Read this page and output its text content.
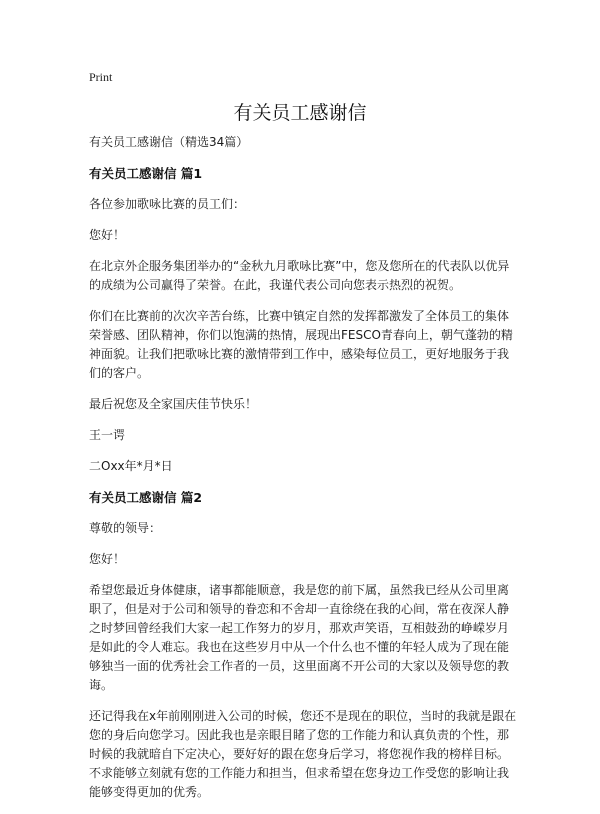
Print
有关员工感谢信

有关员工感谢信（精选34篇）

有关员工感谢信 篇1

各位参加歌咏比赛的员工们：

您好！

在北京外企服务集团举办的“金秋九月歌咏比赛”中，您及您所在的代表队以优异的成绩为公司赢得了荣誉。在此，我谨代表公司向您表示热烈的祝贺。

你们在比赛前的次次辛苦台练，比赛中镇定自然的发挥都激发了全体员工的集体荣誉感、团队精神，你们以饱满的热情，展现出FESCO青春向上，朝气蓬勃的精神面貌。让我们把歌咏比赛的激情带到工作中，感染每位员工，更好地服务于我们的客户。

最后祝您及全家国庆佳节快乐！

王一谔

二Oxx年*月*日

有关员工感谢信 篇2

尊敬的领导：

您好！

希望您最近身体健康，诸事都能顺意，我是您的前下属，虽然我已经从公司里离职了，但是对于公司和领导的眷恋和不舍却一直徐绕在我的心间，常在夜深人静之时梦回曾经我们大家一起工作努力的岁月，那欢声笑语，互相鼓劲的峥嵘岁月是如此的令人难忘。我也在这些岁月中从一个什么也不懂的年轻人成为了现在能够独当一面的优秀社会工作者的一员，这里面离不开公司的大家以及领导您的教诲。

还记得我在x年前刚刚进入公司的时候，您还不是现在的职位，当时的我就是跟在您的身后向您学习。因此我也是亲眼目睹了您的工作能力和认真负责的个性，那时候的我就暗自下定决心，要好好的跟在您身后学习，将您视作我的榜样目标。不求能够立刻就有您的工作能力和担当，但求希望在您身边工作受您的影响让我能够变得更加的优秀。
